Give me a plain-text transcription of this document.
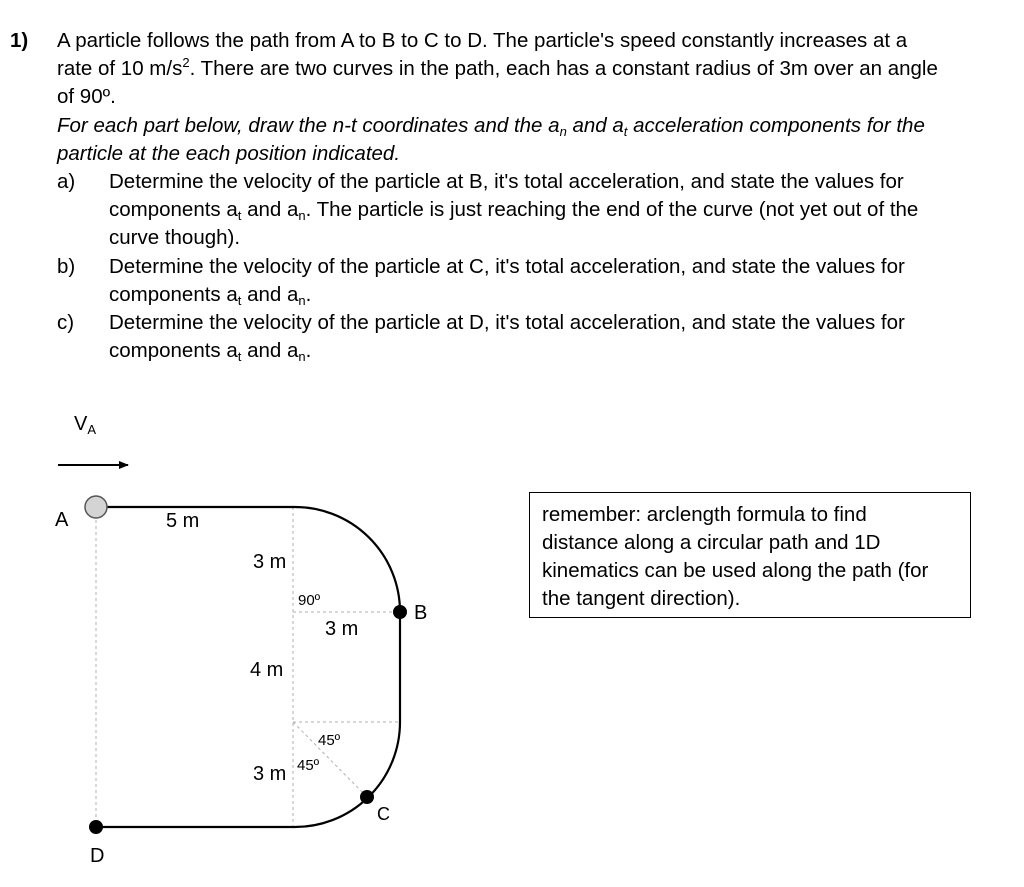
1) A particle follows the path from A to B to C to D. The particle's speed constantly increases at a
rate of 10 $m/s^2$. There are two curves in the path, each has a constant radius of 3m over an angle
of 90º.
For each part below, draw the n-t coordinates and the $a_n$ and $a_t$ acceleration components for the
particle at the each position indicated.
a) Determine the velocity of the particle at B, it's total acceleration, and state the values for
components $a_t$ and $a_n$. The particle is just reaching the end of the curve (not yet out of the
curve though).
b) Determine the velocity of the particle at C, it's total acceleration, and state the values for
components $a_t$ and $a_n$.
c) Determine the velocity of the particle at D, it's total acceleration, and state the values for
components $a_t$ and $a_n$.
$V_A$
A
B
C
D
5 m
3 m
3 m
4 m
3 m
90º
45º
45º
remember: arclength formula to find
distance along a circular path and 1D
kinematics can be used along the path (for
the tangent direction).
